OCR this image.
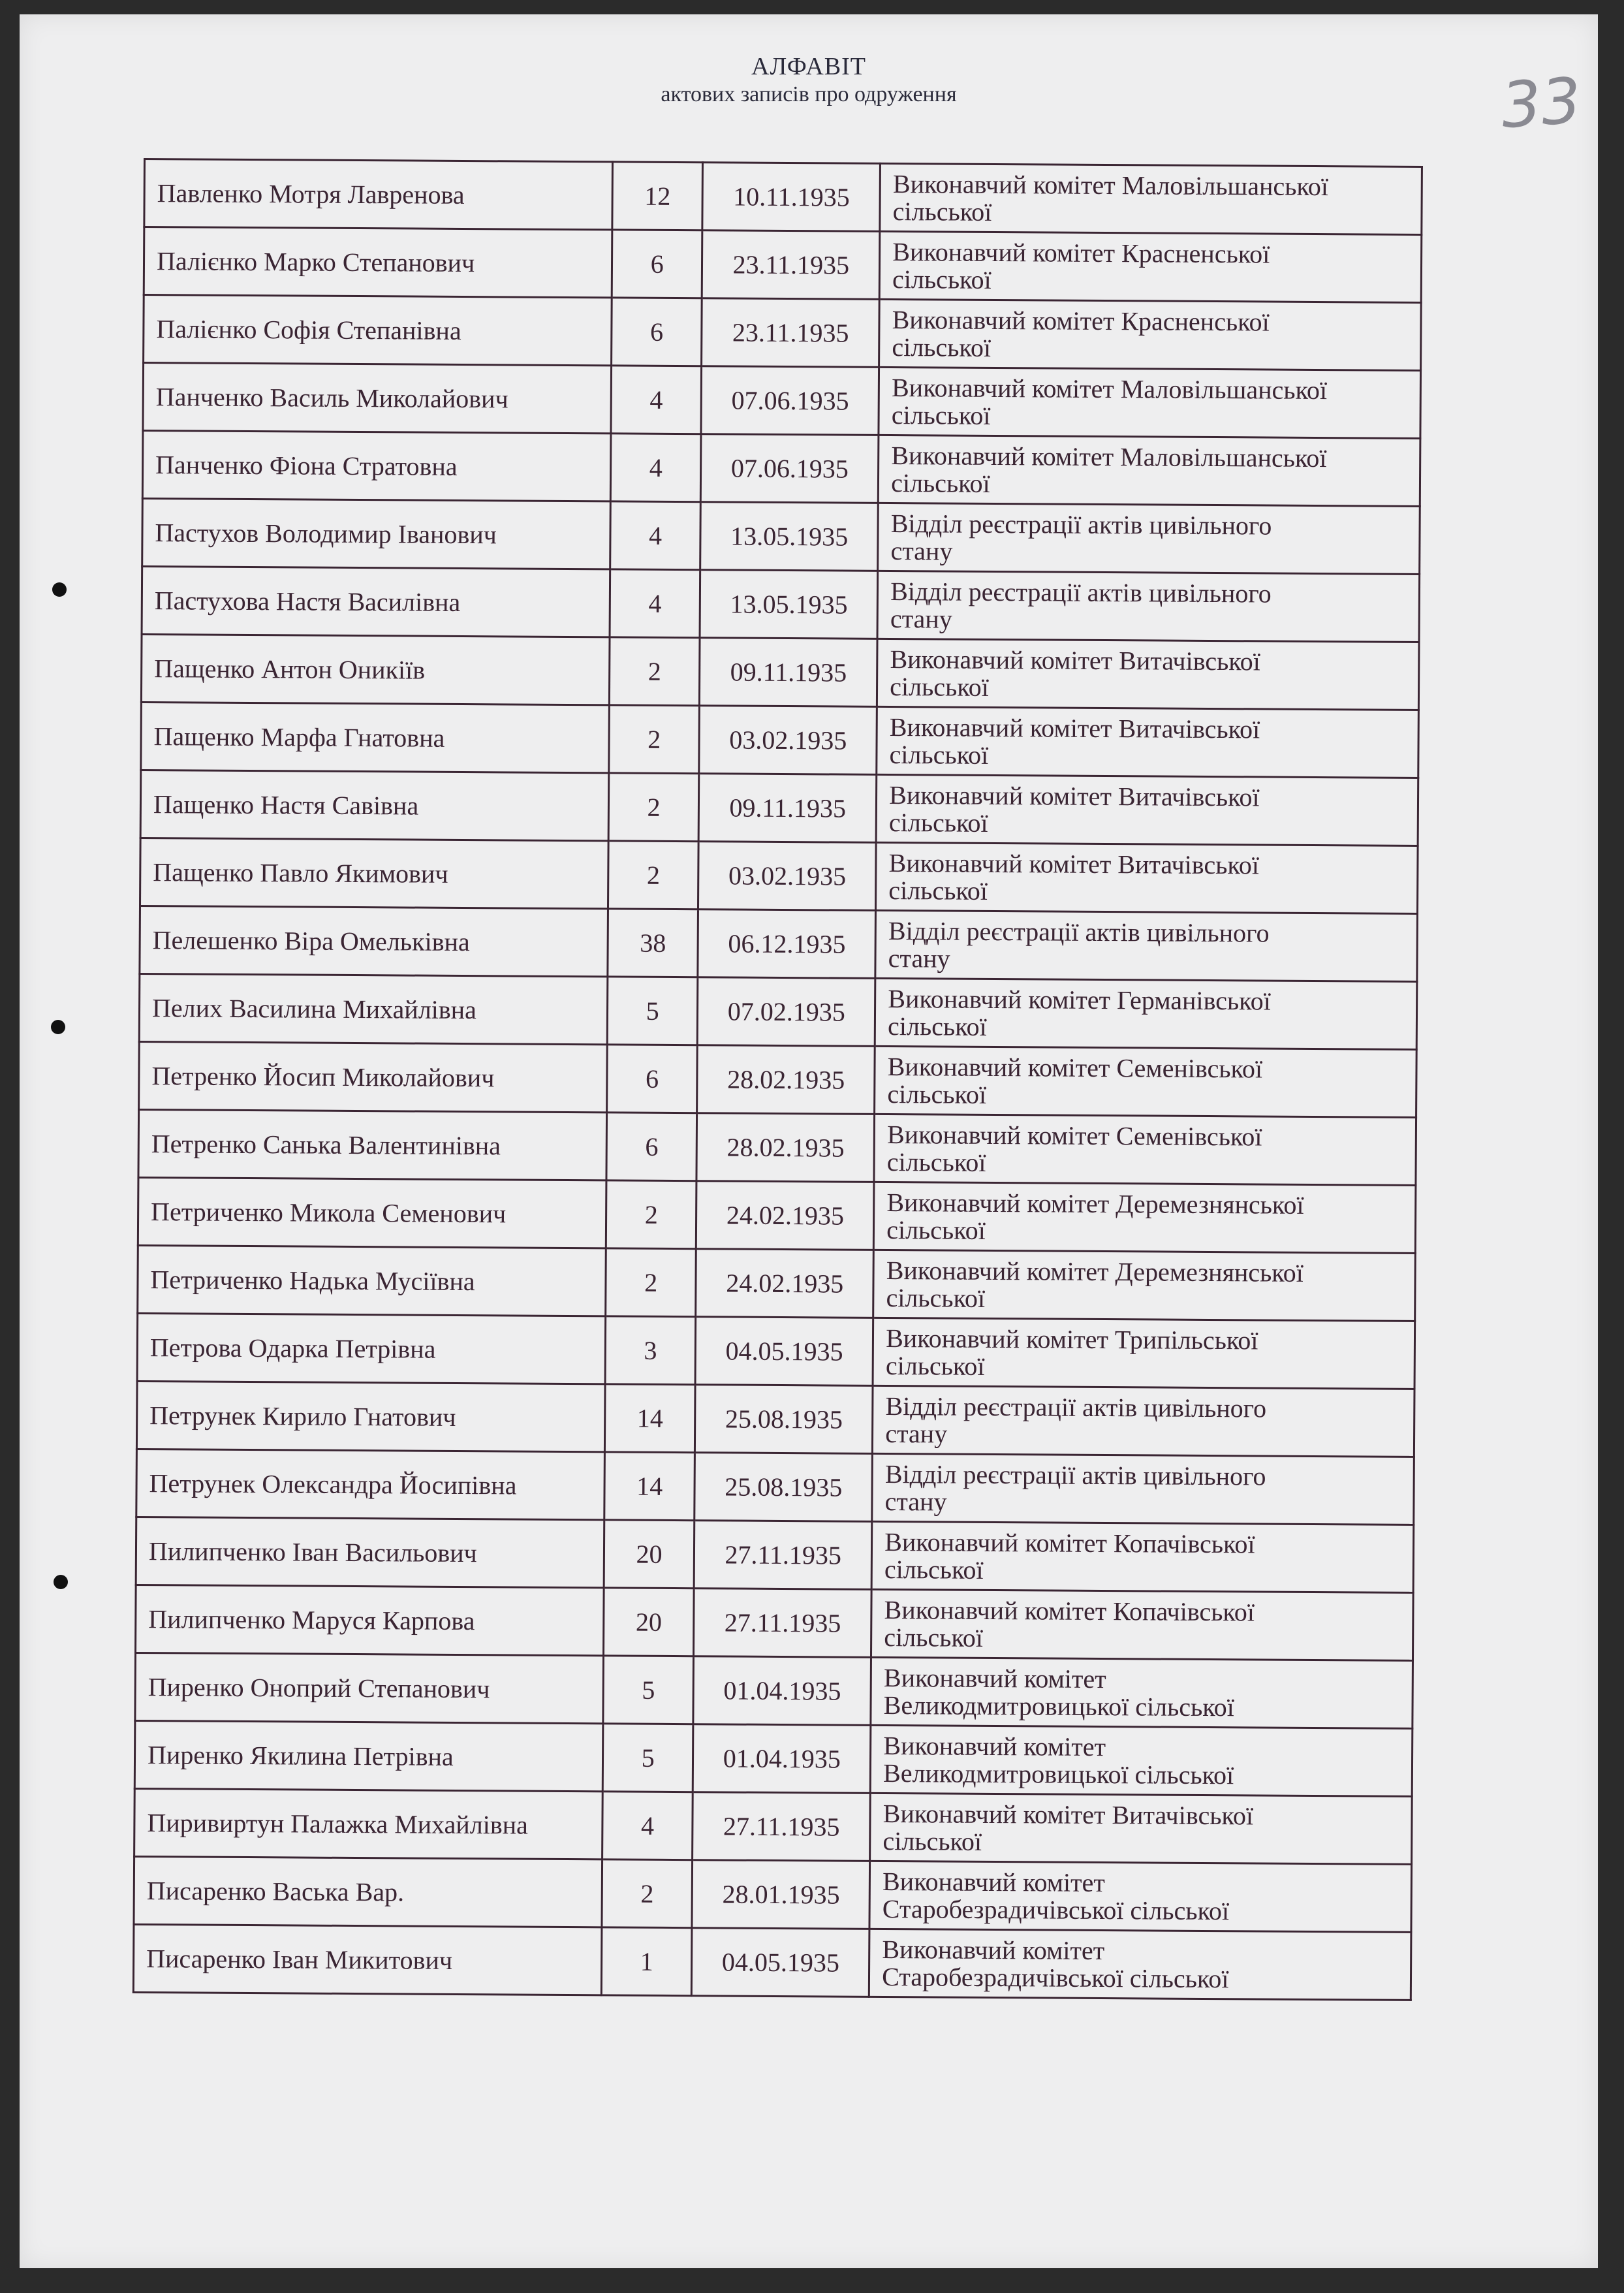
АЛФАВІТ
актових записів про одруження	33
Павленко Мотря Лавренова	12	10.11.1935	Виконавчий комітет Маловільшанської
сільської

Палієнко Марко Степанович	6	23.11.1935	Виконавчий комітет Красненської
сільської

Палієнко Софія Степанівна	6	23.11.1935	Виконавчий комітет Красненської
сільської

Панченко Василь Миколайович	4	07.06.1935	Виконавчий комітет Маловільшанської
сільської

Панченко Фіона Стратовна	4	07.06.1935	Виконавчий комітет Маловільшанської
сільської

Пастухов Володимир Іванович	4	13.05.1935	Відділ реєстрації актів цивільного
стану

Пастухова Настя Василівна	4	13.05.1935	Відділ реєстрації актів цивільного
стану

Пащенко Антон Оникіїв	2	09.11.1935	Виконавчий комітет Витачівської
сільської

Пащенко Марфа Гнатовна	2	03.02.1935	Виконавчий комітет Витачівської
сільської

Пащенко Настя Савівна	2	09.11.1935	Виконавчий комітет Витачівської
сільської

Пащенко Павло Якимович	2	03.02.1935	Виконавчий комітет Витачівської
сільської

Пелешенко Віра Омельківна	38	06.12.1935	Відділ реєстрації актів цивільного
стану

Пелих Василина Михайлівна	5	07.02.1935	Виконавчий комітет Германівської
сільської

Петренко Йосип Миколайович	6	28.02.1935	Виконавчий комітет Семенівської
сільської

Петренко Санька Валентинівна	6	28.02.1935	Виконавчий комітет Семенівської
сільської

Петриченко Микола Семенович	2	24.02.1935	Виконавчий комітет Деремезнянської
сільської

Петриченко Надька Мусіївна	2	24.02.1935	Виконавчий комітет Деремезнянської
сільської

Петрова Одарка Петрівна	3	04.05.1935	Виконавчий комітет Трипільської
сільської

Петрунек Кирило Гнатович	14	25.08.1935	Відділ реєстрації актів цивільного
стану

Петрунек Олександра Йосипівна	14	25.08.1935	Відділ реєстрації актів цивільного
стану

Пилипченко Іван Васильович	20	27.11.1935	Виконавчий комітет Копачівської
сільської

Пилипченко Маруся Карпова	20	27.11.1935	Виконавчий комітет Копачівської
сільської

Пиренко Оноприй Степанович	5	01.04.1935	Виконавчий комітет
Великодмитровицької сільської

Пиренко Якилина Петрівна	5	01.04.1935	Виконавчий комітет
Великодмитровицької сільської

Пиривиртун Палажка Михайлівна	4	27.11.1935	Виконавчий комітет Витачівської
сільської

Писаренко Васька Вар.	2	28.01.1935	Виконавчий комітет
Старобезрадичівської сільської

Писаренко Іван Микитович	1	04.05.1935	Виконавчий комітет
Старобезрадичівської сільської
